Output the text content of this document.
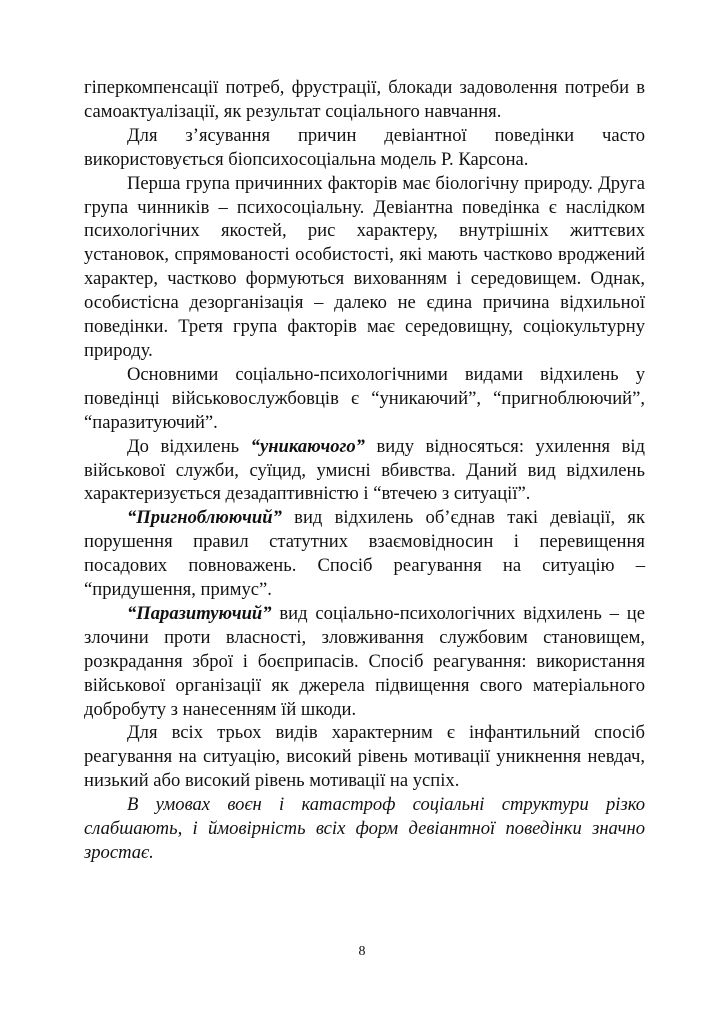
гіперкомпенсації потреб, фрустрації, блокади задоволення потреби в самоактуалізації, як результат соціального навчання.

Для з’ясування причин девіантної поведінки часто використовується біопсихосоціальна модель Р. Карсона.

Перша група причинних факторів має біологічну природу. Друга група чинників – психосоціальну. Девіантна поведінка є наслідком психологічних якостей, рис характеру, внутрішніх життєвих установок, спрямованості особистості, які мають частково вроджений характер, частково формуються вихованням і середовищем. Однак, особистісна дезорганізація – далеко не єдина причина відхильної поведінки. Третя група факторів має середовищну, соціокультурну природу.

Основними соціально-психологічними видами відхилень у поведінці військовослужбовців є “уникаючий”, “пригноблюючий”, “паразитуючий”.

До відхилень “уникаючого” виду відносяться: ухилення від військової служби, суїцид, умисні вбивства. Даний вид відхилень характеризується дезадаптивністю і “втечею з ситуації”.

“Пригноблюючий” вид відхилень об’єднав такі девіації, як порушення правил статутних взаємовідносин і перевищення посадових повноважень. Спосіб реагування на ситуацію – “придушення, примус”.

“Паразитуючий” вид соціально-психологічних відхилень – це злочини проти власності, зловживання службовим становищем, розкрадання зброї і боєприпасів. Спосіб реагування: використання військової організації як джерела підвищення свого матеріального добробуту з нанесенням їй шкоди.

Для всіх трьох видів характерним є інфантильний спосіб реагування на ситуацію, високий рівень мотивації уникнення невдач, низький або високий рівень мотивації на успіх.

В умовах воєн і катастроф соціальні структури різко слабшають, і ймовірність всіх форм девіантної поведінки значно зростає.

8
